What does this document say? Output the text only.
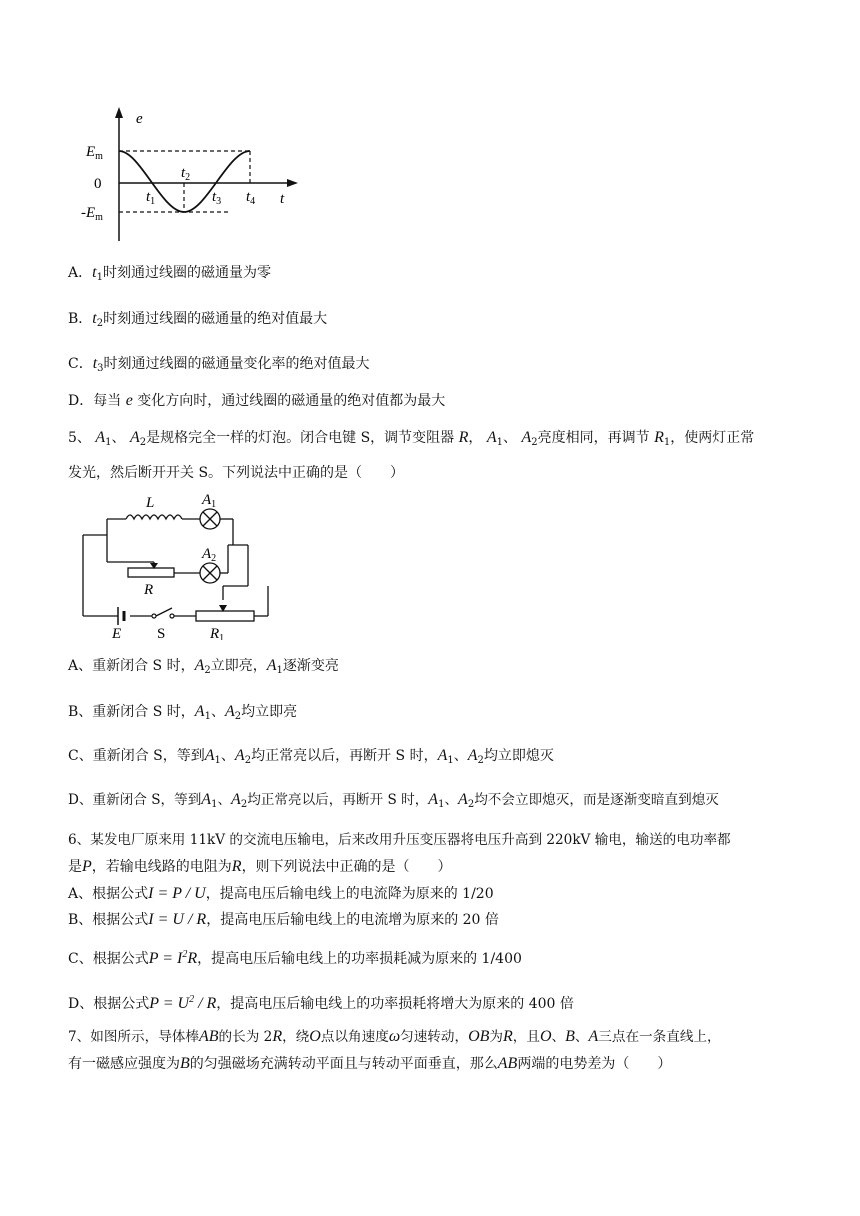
e
t
$E_m$
0
$-E_m$
$t_1$
$t_2$
$t_3$ $t_4$
A．$t_1$时刻通过线圈的磁通量为零
B．$t_2$时刻通过线圈的磁通量的绝对值最大
C．$t_3$时刻通过线圈的磁通量变化率的绝对值最大
D．每当 e 变化方向时，通过线圈的磁通量的绝对值都为最大
5、 $A_1$、 $A_2$是规格完全一样的灯泡。闭合电键 S，调节变阻器 R， $A_1$、 $A_2$亮度相同，再调节 $R_1$，使两灯正常
发光，然后断开开关 S。下列说法中正确的是（　　）
L	$A_1$
$A_2$
R
E S	$R_1$
A、重新闭合 S 时，$A_2$立即亮，$A_1$逐渐变亮
B、重新闭合 S 时，$A_1$、$A_2$均立即亮
C、重新闭合 S，等到$A_1$、$A_2$均正常亮以后，再断开 S 时，$A_1$、$A_2$均立即熄灭
D、重新闭合 S，等到$A_1$、$A_2$均正常亮以后，再断开 S 时，$A_1$、$A_2$均不会立即熄灭，而是逐渐变暗直到熄灭
6、某发电厂原来用 11kV 的交流电压输电，后来改用升压变压器将电压升高到 220kV 输电，输送的电功率都
是P，若输电线路的电阻为R，则下列说法中正确的是（　　）
A、根据公式I = P / U，提高电压后输电线上的电流降为原来的 1/20
B、根据公式I = U / R，提高电压后输电线上的电流增为原来的 20 倍
C、根据公式$P = I^2R$，提高电压后输电线上的功率损耗减为原来的 1/400
D、根据公式$P = U^2 / R$，提高电压后输电线上的功率损耗将增大为原来的 400 倍
7、如图所示，导体棒AB的长为 2R，绕O点以角速度ω匀速转动，OB为R，且O、B、A三点在一条直线上，
有一磁感应强度为B的匀强磁场充满转动平面且与转动平面垂直，那么AB两端的电势差为（　　）
